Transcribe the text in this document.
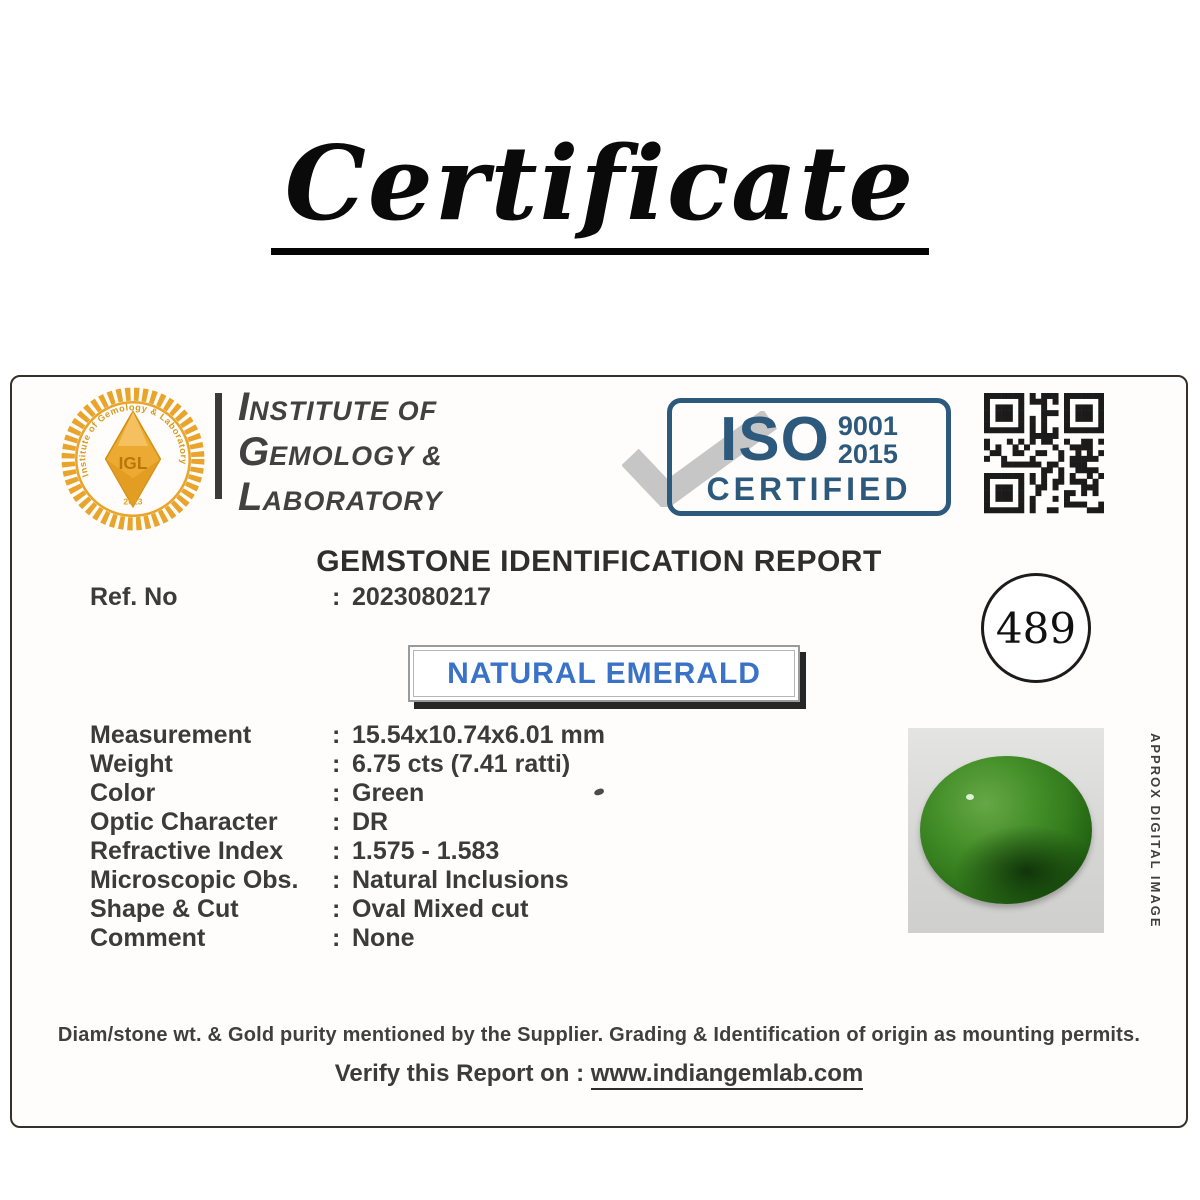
Certificate
Institute of Gemology & Laboratory
IGL
2013
INSTITUTE OF
GEMOLOGY &
LABORATORY
ISO 9001
2015
CERTIFIED
GEMSTONE IDENTIFICATION REPORT
Ref. No	: 2023080217
489
NATURAL EMERALD
Measurement	: 15.54x10.74x6.01 mm
Weight	: 6.75 cts (7.41 ratti)
Color	: Green
Optic Character : DR
Refractive Index : 1.575 - 1.583
Microscopic Obs. : Natural Inclusions
Shape & Cut	: Oval Mixed cut
Comment	: None
APPROX DIGITAL IMAGE
Diam/stone wt. & Gold purity mentioned by the Supplier. Grading & Identification of origin as mounting permits.
Verify this Report on : www.indiangemlab.com
